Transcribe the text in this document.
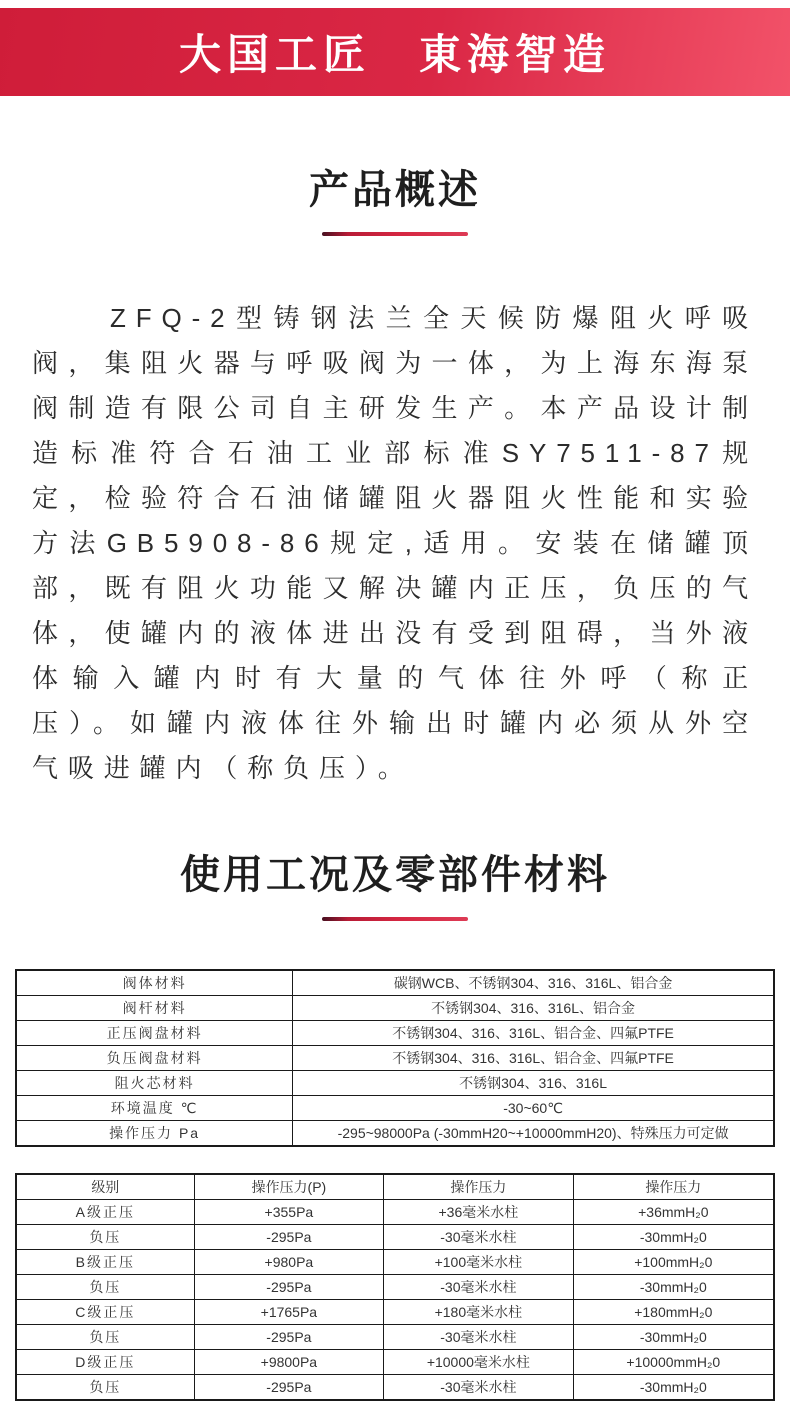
大国工匠　東海智造
产品概述

ZFQ-2型铸钢法兰全天候防爆阻火呼吸阀，集阻火器与呼吸阀为一体，为上海东海泵阀制造有限公司自主研发生产。本产品设计制造标准符合石油工业部标准SY7511-87规定，检验符合石油储罐阻火器阻火性能和实验方法GB5908-86规定,适用。安装在储罐顶部，既有阻火功能又解决罐内正压，负压的气体，使罐内的液体进出没有受到阻碍，当外液体输入罐内时有大量的气体往外呼（称正压）。如罐内液体往外输出时罐内必须从外空气吸进罐内（称负压）。

使用工况及零部件材料
阀体材料	碳钢WCB、不锈钢304、316、316L、铝合金
阀杆材料	不锈钢304、316、316L、铝合金
正压阀盘材料	不锈钢304、316、316L、铝合金、四氟PTFE
负压阀盘材料	不锈钢304、316、316L、铝合金、四氟PTFE
阻火芯材料	不锈钢304、316、316L
环境温度 ℃	-30~60℃
操作压力 Pa	-295~98000Pa (-30mmH20~+10000mmH20)、特殊压力可定做
级别	操作压力(P)	操作压力	操作压力
A级正压	+355Pa	+36毫米水柱	+36mmH₂0
负压	-295Pa	-30毫米水柱	-30mmH₂0
B级正压	+980Pa	+100毫米水柱	+100mmH₂0
负压	-295Pa	-30毫米水柱	-30mmH₂0
C级正压	+1765Pa	+180毫米水柱	+180mmH₂0
负压	-295Pa	-30毫米水柱	-30mmH₂0
D级正压	+9800Pa	+10000毫米水柱	+10000mmH₂0
负压	-295Pa	-30毫米水柱	-30mmH₂0
